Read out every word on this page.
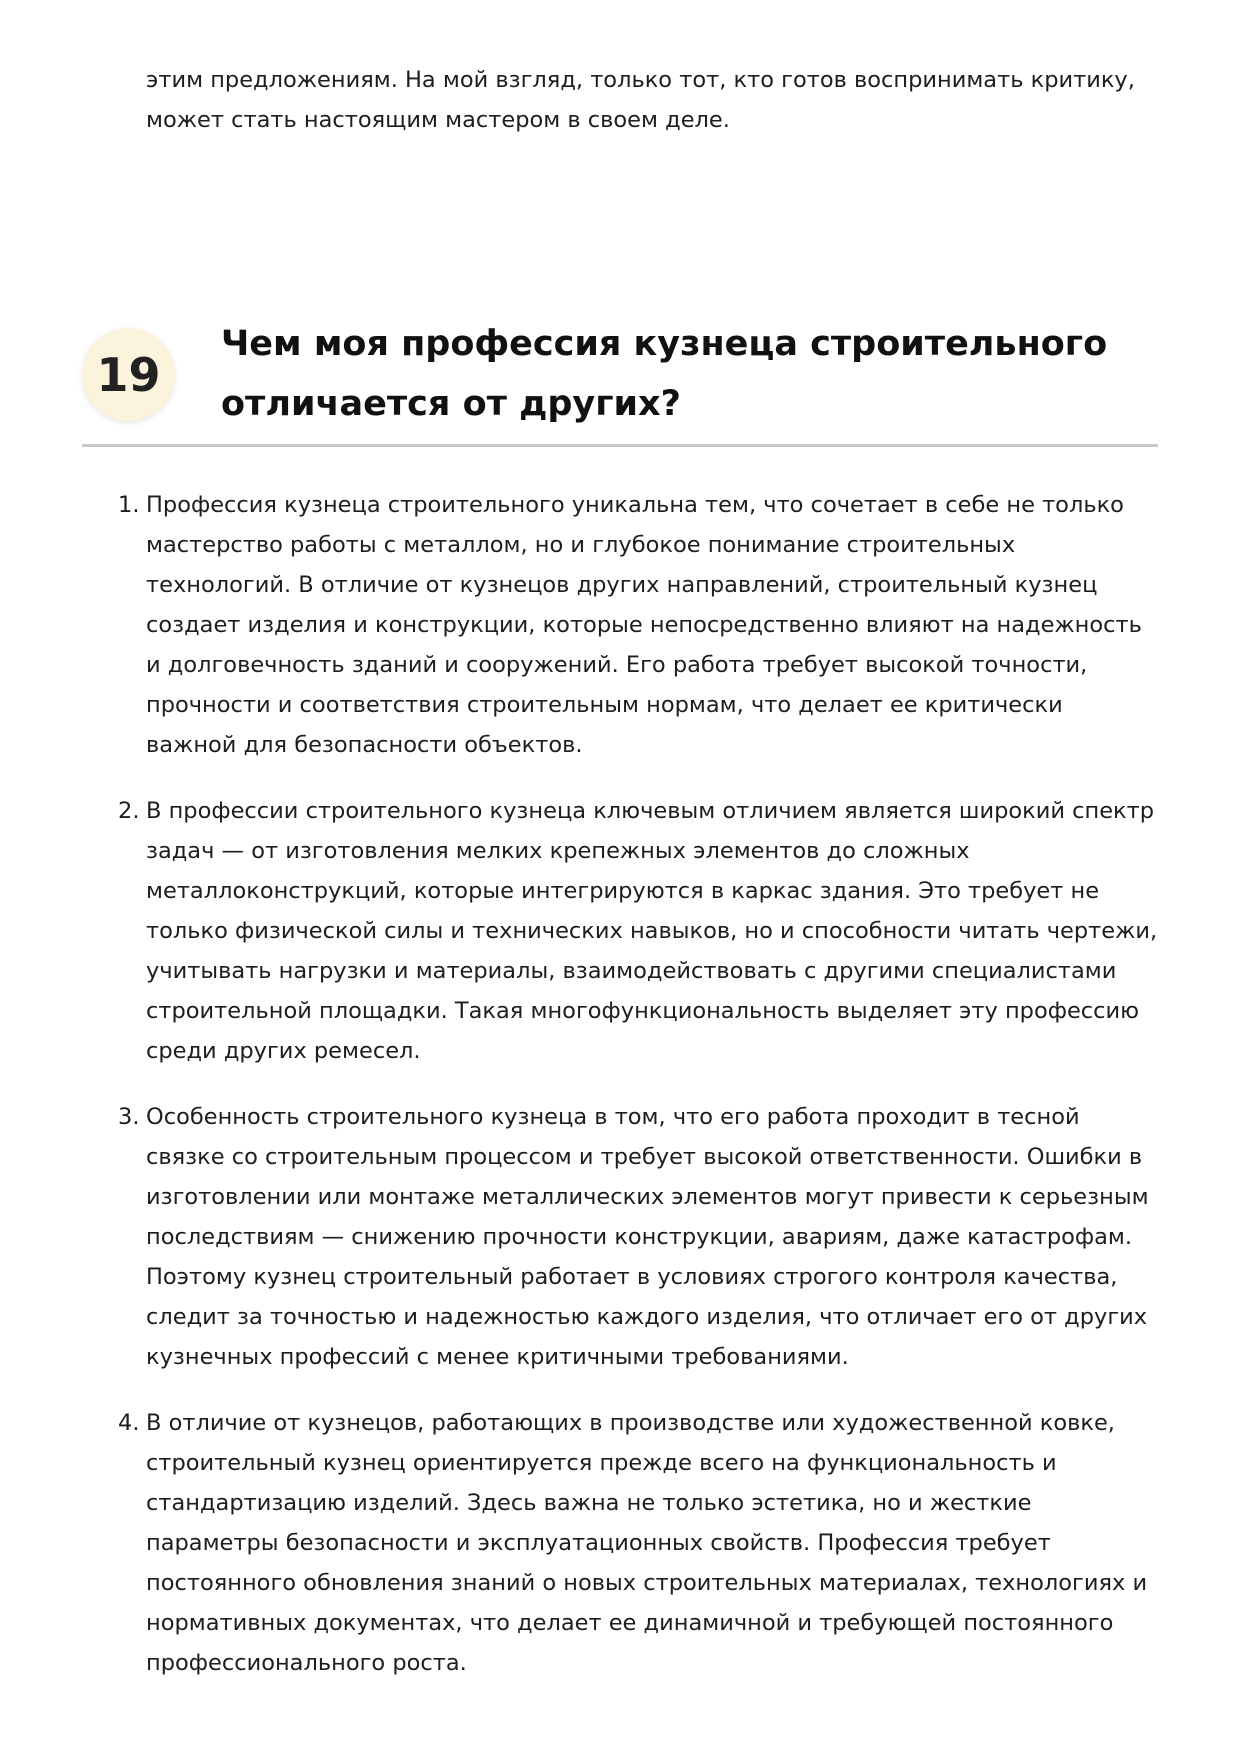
этим предложениям. На мой взгляд, только тот, кто готов воспринимать критику, может стать настоящим мастером в своем деле.

19
Чем моя профессия кузнеца строительного отличается от других?
1. Профессия кузнеца строительного уникальна тем, что сочетает в себе не только мастерство работы с металлом, но и глубокое понимание строительных технологий. В отличие от кузнецов других направлений, строительный кузнец создает изделия и конструкции, которые непосредственно влияют на надежность и долговечность зданий и сооружений. Его работа требует высокой точности, прочности и соответствия строительным нормам, что делает ее критически важной для безопасности объектов.
2. В профессии строительного кузнеца ключевым отличием является широкий спектр задач — от изготовления мелких крепежных элементов до сложных металлоконструкций, которые интегрируются в каркас здания. Это требует не только физической силы и технических навыков, но и способности читать чертежи, учитывать нагрузки и материалы, взаимодействовать с другими специалистами строительной площадки. Такая многофункциональность выделяет эту профессию среди других ремесел.
3. Особенность строительного кузнеца в том, что его работа проходит в тесной связке со строительным процессом и требует высокой ответственности. Ошибки в изготовлении или монтаже металлических элементов могут привести к серьезным последствиям — снижению прочности конструкции, авариям, даже катастрофам. Поэтому кузнец строительный работает в условиях строгого контроля качества, следит за точностью и надежностью каждого изделия, что отличает его от других кузнечных профессий с менее критичными требованиями.
4. В отличие от кузнецов, работающих в производстве или художественной ковке, строительный кузнец ориентируется прежде всего на функциональность и стандартизацию изделий. Здесь важна не только эстетика, но и жесткие параметры безопасности и эксплуатационных свойств. Профессия требует постоянного обновления знаний о новых строительных материалах, технологиях и нормативных документах, что делает ее динамичной и требующей постоянного профессионального роста.
